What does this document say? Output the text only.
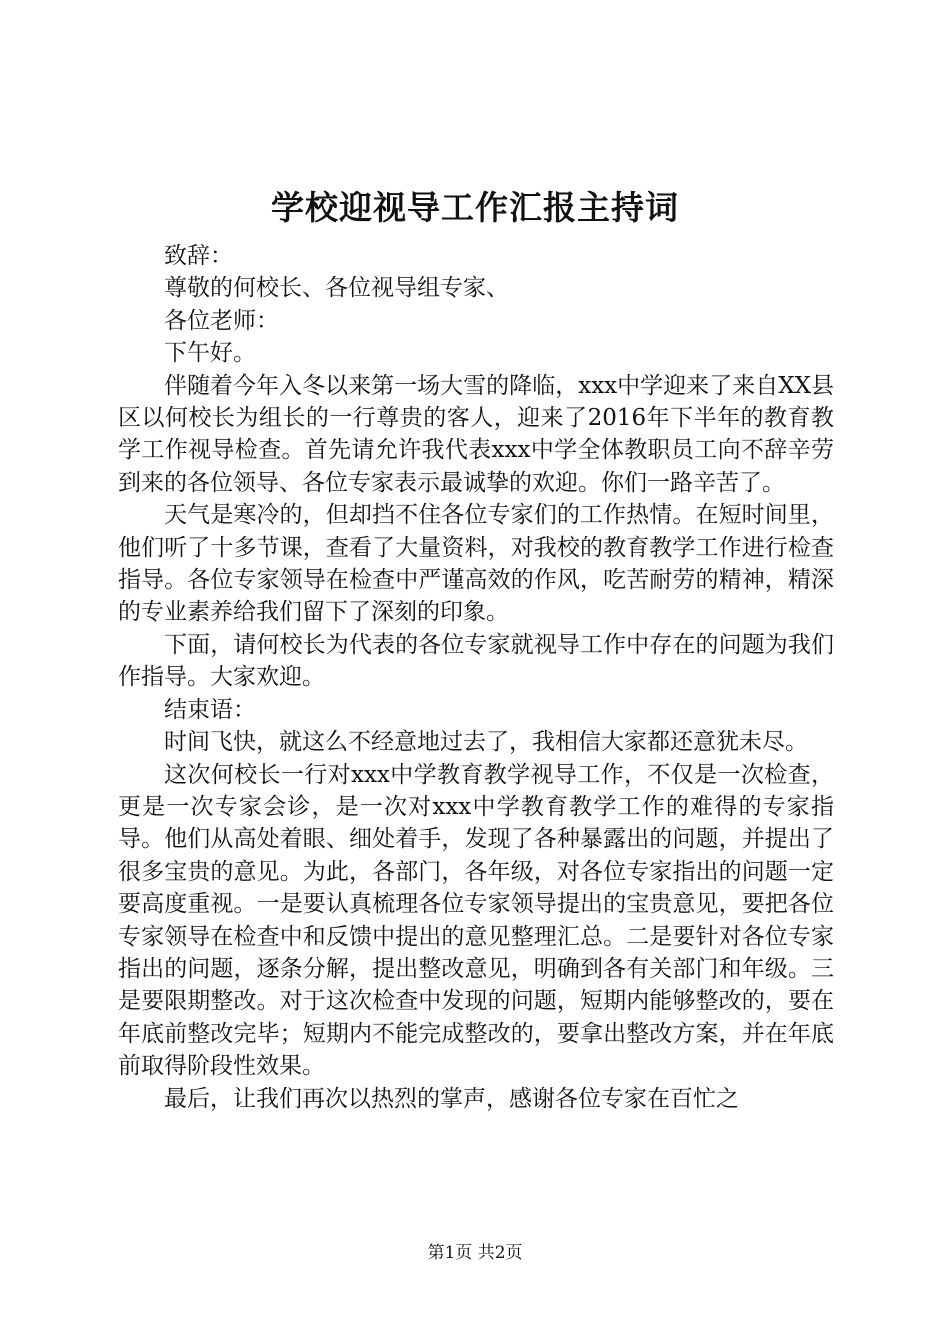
学校迎视导工作汇报主持词

致辞：

尊敬的何校长、各位视导组专家、

各位老师：

下午好。

伴随着今年入冬以来第一场大雪的降临，xxx中学迎来了来自XX县区以何校长为组长的一行尊贵的客人，迎来了2016年下半年的教育教学工作视导检查。首先请允许我代表xxx中学全体教职员工向不辞辛劳到来的各位领导、各位专家表示最诚挚的欢迎。你们一路辛苦了。

天气是寒冷的，但却挡不住各位专家们的工作热情。在短时间里，他们听了十多节课，查看了大量资料，对我校的教育教学工作进行检查指导。各位专家领导在检查中严谨高效的作风，吃苦耐劳的精神，精深的专业素养给我们留下了深刻的印象。

下面，请何校长为代表的各位专家就视导工作中存在的问题为我们作指导。大家欢迎。

结束语：

时间飞快，就这么不经意地过去了，我相信大家都还意犹未尽。

这次何校长一行对xxx中学教育教学视导工作，不仅是一次检查，更是一次专家会诊，是一次对xxx中学教育教学工作的难得的专家指导。他们从高处着眼、细处着手，发现了各种暴露出的问题，并提出了很多宝贵的意见。为此，各部门，各年级，对各位专家指出的问题一定要高度重视。一是要认真梳理各位专家领导提出的宝贵意见，要把各位专家领导在检查中和反馈中提出的意见整理汇总。二是要针对各位专家指出的问题，逐条分解，提出整改意见，明确到各有关部门和年级。三是要限期整改。对于这次检查中发现的问题，短期内能够整改的，要在年底前整改完毕；短期内不能完成整改的，要拿出整改方案，并在年底前取得阶段性效果。

最后，让我们再次以热烈的掌声，感谢各位专家在百忙之

第1页 共2页
